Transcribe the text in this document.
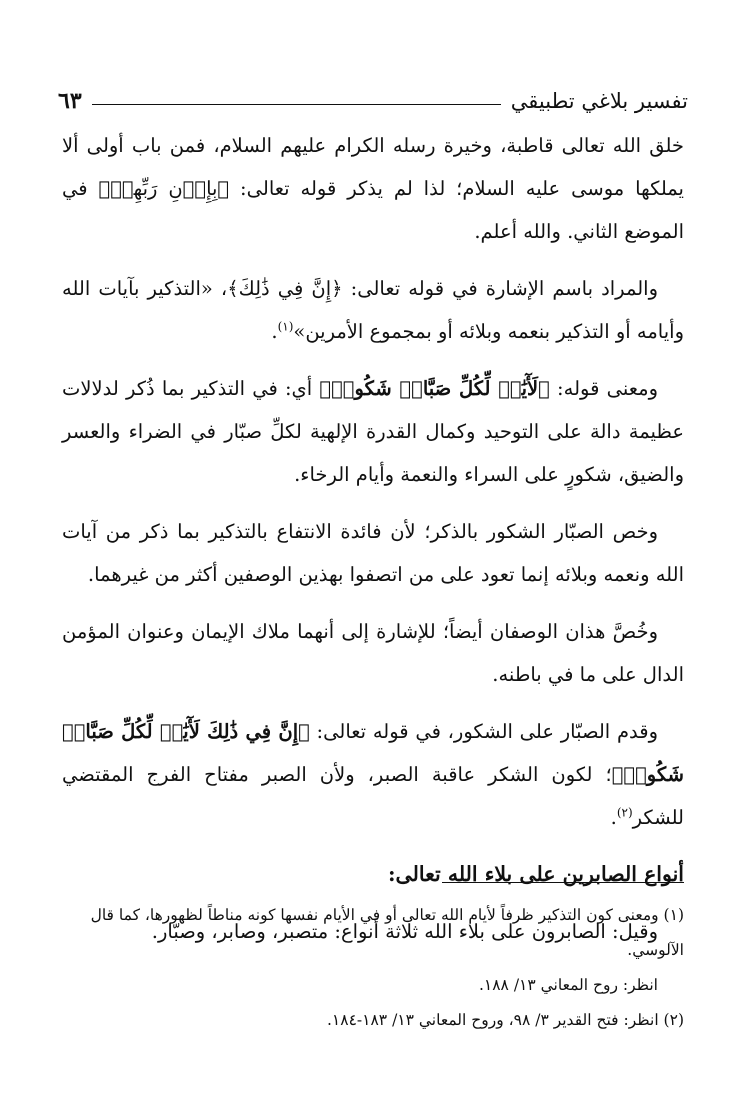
تفسير بلاغي تطبيقي
٦٣

خلق الله تعالى قاطبة، وخيرة رسله الكرام عليهم السلام، فمن باب أولى ألا يملكها موسى عليه السلام؛ لذا لم يذكر قوله تعالى: ﴿بِإِذۡنِ رَبِّهِمۡ﴾ في الموضع الثاني. والله أعلم.

والمراد باسم الإشارة في قوله تعالى: ﴿إِنَّ فِي ذَٰلِكَ﴾، «التذكير بآيات الله وأيامه أو التذكير بنعمه وبلائه أو بمجموع الأمرين»$^{(١)}$.

ومعنى قوله: ﴿لَأٓيَٰتٖ لِّكُلِّ صَبَّارٖ شَكُورٖ﴾ أي: في التذكير بما ذُكر لدلالات عظيمة دالة على التوحيد وكمال القدرة الإلهية لكلِّ صبّار في الضراء والعسر والضيق، شكورٍ على السراء والنعمة وأيام الرخاء.

وخص الصبّار الشكور بالذكر؛ لأن فائدة الانتفاع بالتذكير بما ذكر من آيات الله ونعمه وبلائه إنما تعود على من اتصفوا بهذين الوصفين أكثر من غيرهما.

وخُصَّ هذان الوصفان أيضاً؛ للإشارة إلى أنهما ملاك الإيمان وعنوان المؤمن الدال على ما في باطنه.

وقدم الصبّار على الشكور، في قوله تعالى: ﴿إِنَّ فِي ذَٰلِكَ لَأٓيَٰتٖ لِّكُلِّ صَبَّارٖ شَكُورٖ﴾؛ لكون الشكر عاقبة الصبر، ولأن الصبر مفتاح الفرج المقتضي للشكر$^{(٢)}$.

أنواع الصابرين على بلاء الله تعالى:

وقيل: الصابرون على بلاء الله ثلاثة أنواع: متصبر، وصابر، وصبّار.

(١) ومعنى كون التذكير ظرفاً لأيام الله تعالى أو في الأيام نفسها كونه مناطاً لظهورها، كما قال الآلوسي.

انظر: روح المعاني ١٣/ ١٨٨.

(٢) انظر: فتح القدير ٣/ ٩٨، وروح المعاني ١٣/ ١٨٣-١٨٤.
